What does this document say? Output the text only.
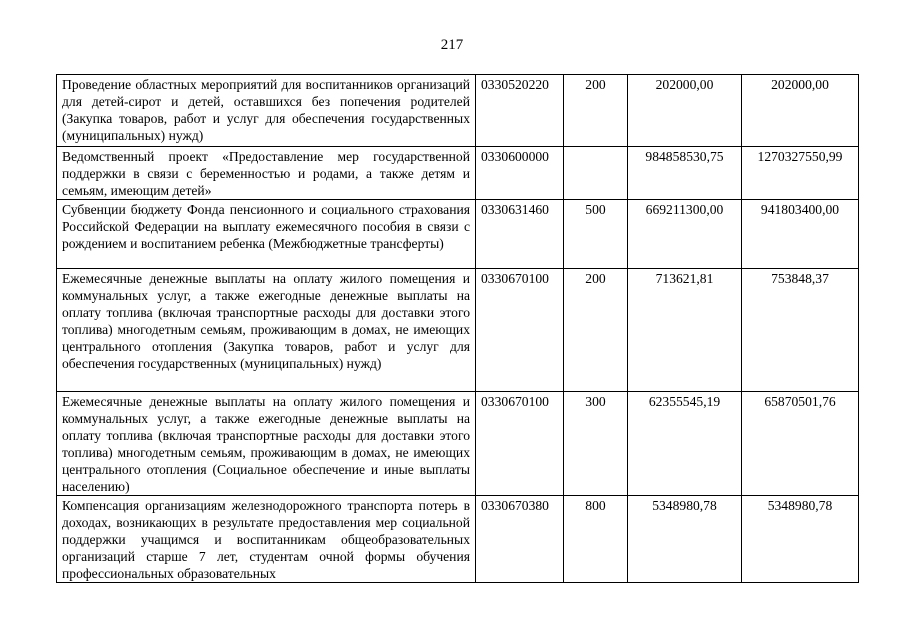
217
Проведение областных мероприятий для воспитанников организаций для детей-сирот и детей, оставшихся без попечения родителей (Закупка товаров, работ и услуг для обеспечения государственных (муниципальных) нужд)	0330520220	200	202000,00	202000,00
Ведомственный проект «Предоставление мер государственной поддержки в связи с беременностью и родами, а также детям и семьям, имеющим детей»	0330600000		984858530,75	1270327550,99
Субвенции бюджету Фонда пенсионного и социального страхования Российской Федерации на выплату ежемесячного пособия в связи с рождением и воспитанием ребенка (Межбюджетные трансферты)	0330631460	500	669211300,00	941803400,00
Ежемесячные денежные выплаты на оплату жилого помещения и коммунальных услуг, а также ежегодные денежные выплаты на оплату топлива (включая транспортные расходы для доставки этого топлива) многодетным семьям, проживающим в домах, не имеющих центрального отопления (Закупка товаров, работ и услуг для обеспечения государственных (муниципальных) нужд)	0330670100	200	713621,81	753848,37
Ежемесячные денежные выплаты на оплату жилого помещения и коммунальных услуг, а также ежегодные денежные выплаты на оплату топлива (включая транспортные расходы для доставки этого топлива) многодетным семьям, проживающим в домах, не имеющих центрального отопления (Социальное обеспечение и иные выплаты населению)	0330670100	300	62355545,19	65870501,76
Компенсация организациям железнодорожного транспорта потерь в доходах, возникающих в результате предоставления мер социальной поддержки учащимся и воспитанникам общеобразовательных организаций старше 7 лет, студентам очной формы обучения профессиональных образовательных	0330670380	800	5348980,78	5348980,78
